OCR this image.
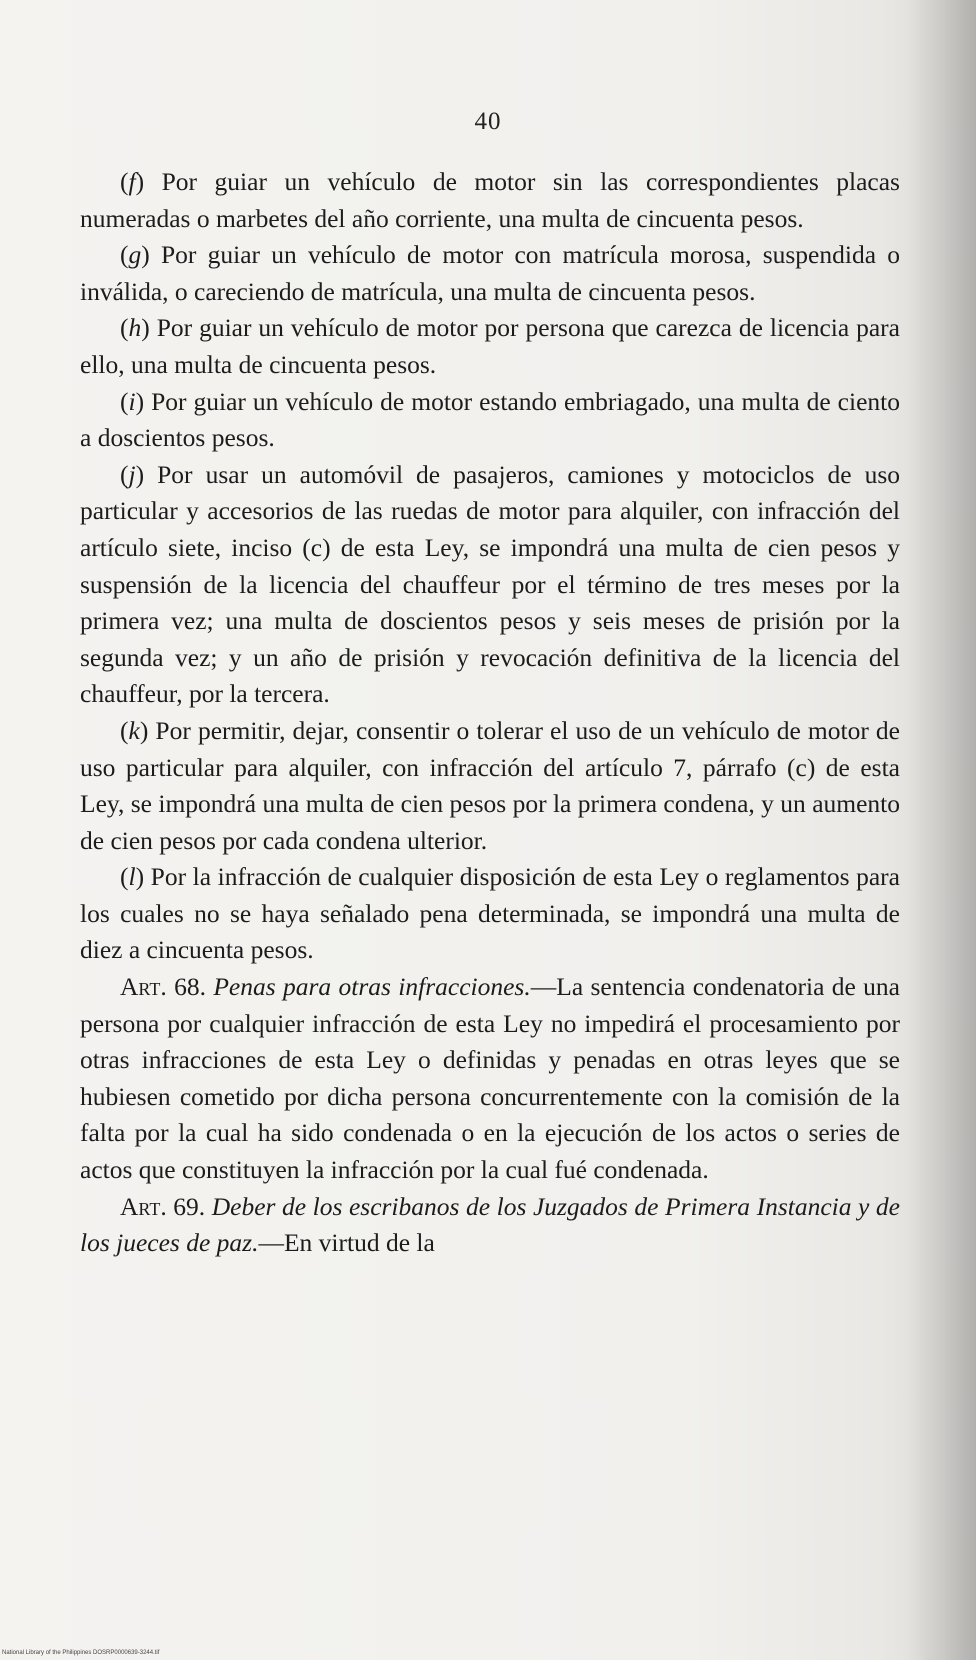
40

(f) Por guiar un vehículo de motor sin las correspondientes placas numeradas o marbetes del año corriente, una multa de cincuenta pesos.

(g) Por guiar un vehículo de motor con matrícula morosa, suspendida o inválida, o careciendo de matrícula, una multa de cincuenta pesos.

(h) Por guiar un vehículo de motor por persona que carezca de licencia para ello, una multa de cincuenta pesos.

(i) Por guiar un vehículo de motor estando embriagado, una multa de ciento a doscientos pesos.

(j) Por usar un automóvil de pasajeros, camiones y motociclos de uso particular y accesorios de las ruedas de motor para alquiler, con infracción del artículo siete, inciso (c) de esta Ley, se impondrá una multa de cien pesos y suspensión de la licencia del chauffeur por el término de tres meses por la primera vez; una multa de doscientos pesos y seis meses de prisión por la segunda vez; y un año de prisión y revocación definitiva de la licencia del chauffeur, por la tercera.

(k) Por permitir, dejar, consentir o tolerar el uso de un vehículo de motor de uso particular para alquiler, con infracción del artículo 7, párrafo (c) de esta Ley, se impondrá una multa de cien pesos por la primera condena, y un aumento de cien pesos por cada condena ulterior.

(l) Por la infracción de cualquier disposición de esta Ley o reglamentos para los cuales no se haya señalado pena determinada, se impondrá una multa de diez a cincuenta pesos.

Art. 68. Penas para otras infracciones.—La sentencia condenatoria de una persona por cualquier infracción de esta Ley no impedirá el procesamiento por otras infracciones de esta Ley o definidas y penadas en otras leyes que se hubiesen cometido por dicha persona concurrentemente con la comisión de la falta por la cual ha sido condenada o en la ejecución de los actos o series de actos que constituyen la infracción por la cual fué condenada.

Art. 69. Deber de los escribanos de los Juzgados de Primera Instancia y de los jueces de paz.—En virtud de la

National Library of the Philippines DOSRP0000639-3244.tif
